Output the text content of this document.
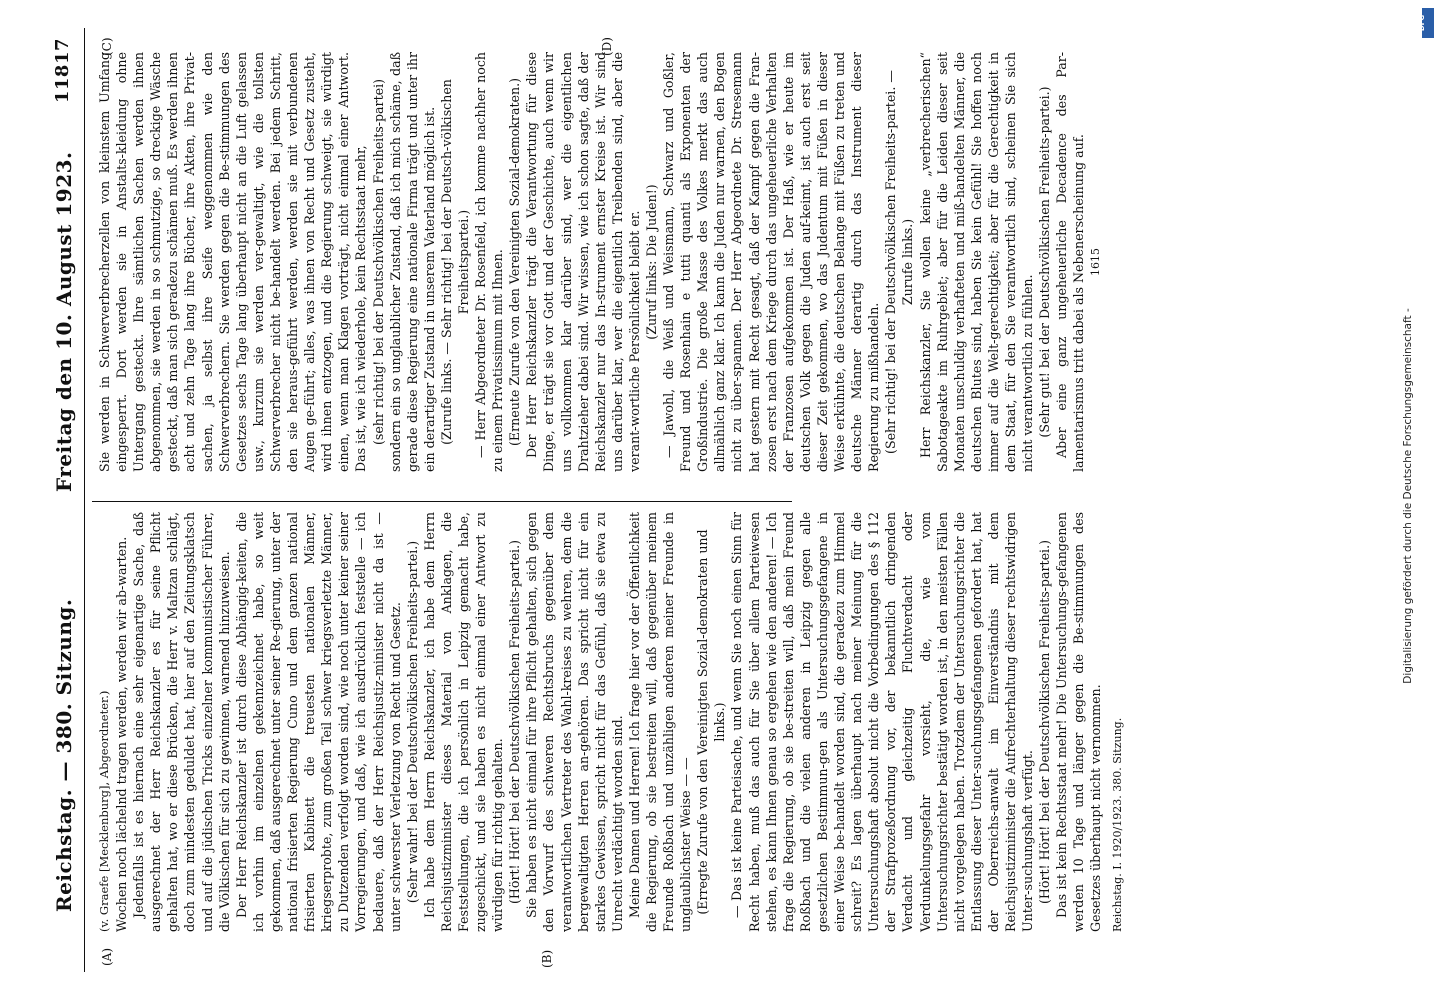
Reichstag. — 380. Sitzung.
Freitag den 10. August 1923.
11817
(A)	(B)
(C)	(D)

(v. Graefe [Mecklenburg], Abgeordneter.) Wochen noch lächelnd tragen werden, werden wir ab-warten. Jedenfalls ist es hiernach eine sehr eigenartige Sache, daß ausgerechnet der Herr Reichskanzler es für seine Pflicht gehalten hat, wo er diese Brücken, die Herr v. Maltzan schlägt, doch zum mindesten geduldet hat, hier auf den Zeitungsklatsch und auf die jüdischen Tricks einzelner kommunistischer Führer, die Völkischen für sich zu gewinnen, warnend hinzuweisen. Der Herr Reichskanzler ist durch diese Abhängig-keiten, die ich vorhin im einzelnen gekennzeichnet habe, so weit gekommen, daß ausgerechnet unter seiner Re-gierung, unter der national frisierten Regierung Cuno und dem ganzen national frisierten Kabinett die treuesten nationalen Männer, kriegserprobte, zum großen Teil schwer kriegsverletzte Männer, zu Dutzenden verfolgt worden sind, wie noch unter keiner seiner Vorregierungen, und daß, wie ich ausdrücklich feststelle — ich bedauere, daß der Herr Reichsjustiz-minister nicht da ist — unter schwerster Verletzung von Recht und Gesetz. (Sehr wahr! bei der Deutschvölkischen Freiheits-partei.) Ich habe dem Herrn Reichskanzler, ich habe dem Herrn Reichsjustizminister dieses Material von Anklagen, die Feststellungen, die ich persönlich in Leipzig gemacht habe, zugeschickt, und sie haben es nicht einmal einer Antwort zu würdigen für richtig gehalten. (Hört! Hört! bei der Deutschvölkischen Freiheits-partei.) Sie haben es nicht einmal für ihre Pflicht gehalten, sich gegen den Vorwurf des schweren Rechtsbruchs gegenüber dem verantwortlichen Vertreter des Wahl-kreises zu wehren, dem die bergewaltigten Herren an-gehören. Das spricht nicht für ein starkes Gewissen, spricht nicht für das Gefühl, daß sie etwa zu Unrecht verdächtigt worden sind. Meine Damen und Herren! Ich frage hier vor der Öffentlichkeit die Regierung, ob sie bestreiten will, daß gegenüber meinem Freunde Roßbach und unzähligen anderen meiner Freunde in unglaublichster Weise — — (Erregte Zurufe von den Vereinigten Sozial-demokraten und links.) — Das ist keine Parteisache, und wenn Sie noch einen Sinn für Recht haben, muß das auch für Sie über allem Parteiwesen stehen, es kann Ihnen genau so ergehen wie den anderen! — Ich frage die Regierung, ob sie be-streiten will, daß mein Freund Roßbach und die vielen anderen in Leipzig gegen alle gesetzlichen Bestimmun-gen als Untersuchungsgefangene in einer Weise be-handelt worden sind, die geradezu zum Himmel schreit? Es lagen überhaupt nach meiner Meinung für die Untersuchungshaft absolut nicht die Vorbedingungen des § 112 der Strafprozeßordnung vor, der bekanntlich dringenden Verdacht und gleichzeitig Fluchtverdacht oder Verdunkelungsgefahr vorsieht, die, wie vom Untersuchungsrichter bestätigt worden ist, in den meisten Fällen nicht vorgelegen haben. Trotzdem der Untersuchungsrichter die Entlassung dieser Unter-suchungsgefangenen gefordert hat, hat der Oberreichs-anwalt im Einverständnis mit dem Reichsjustizminister die Aufrechterhaltung dieser rechtswidrigen Unter-suchungshaft verfügt. (Hört! Hört! bei der Deutschvölkischen Freiheits-partei.) Das ist kein Rechtsstaat mehr! Die Untersuchungs-gefangenen werden 10 Tage und länger gegen die Be-stimmungen des Gesetzes überhaupt nicht vernommen. Reichstag. I. 1920/1923. 380. Sitzung.

Sie werden in Schwerverbrecherzellen von kleinstem Umfang eingesperrt. Dort werden sie in Anstalts-kleidung ohne Untergang gesteckt. Ihre sämtlichen Sachen werden ihnen abgenommen, sie werden in so schmutzige, so dreckige Wäsche gesteckt, daß man sich geradezu schämen muß. Es werden ihnen acht und zehn Tage lang ihre Bücher, ihre Akten, ihre Privat-sachen, ja selbst ihre Seife weggenommen wie den Schwerverbrechern. Sie werden gegen die Be-stimmungen des Gesetzes sechs Tage lang überhaupt nicht an die Luft gelassen usw., kurzum sie werden ver-gewaltigt, wie die tollsten Schwerverbrecher nicht be-handelt werden. Bei jedem Schritt, den sie heraus-geführt werden, werden sie mit verbundenen Augen ge-führt; alles, was ihnen von Recht und Gesetz zusteht, wird ihnen entzogen, und die Regierung schweigt, sie würdigt einen, wenn man Klagen vorträgt, nicht einmal einer Antwort. Das ist, wie ich wiederhole, kein Rechtsstaat mehr, (sehr richtig! bei der Deutschvölkischen Freiheits-partei) sondern ein so unglaublicher Zustand, daß ich mich schäme, daß gerade diese Regierung eine nationale Firma trägt und unter ihr ein derartiger Zustand in unserem Vaterland möglich ist. (Zurufe links. — Sehr richtig! bei der Deutsch-völkischen Freiheitspartei.) — Herr Abgeordneter Dr. Rosenfeld, ich komme nachher noch zu einem Privatissimum mit Ihnen. (Erneute Zurufe von den Vereinigten Sozial-demokraten.) Der Herr Reichskanzler trägt die Verantwortung für diese Dinge, er trägt sie vor Gott und der Geschichte, auch wenn wir uns vollkommen klar darüber sind, wer die eigentlichen Drahtzieher dabei sind. Wir wissen, wie ich schon sagte, daß der Reichskanzler nur das In-strument ernster Kreise ist. Wir sind uns darüber klar, wer die eigentlich Treibenden sind, aber die verant-wortliche Persönlichkeit bleibt er. (Zuruf links: Die Juden!) — Jawohl, die Weiß und Weismann, Schwarz und Goßler, Freund und Rosenhain e tutti quanti als Exponenten der Großindustrie. Die große Masse des Volkes merkt das auch allmählich ganz klar. Ich kann die Juden nur warnen, den Bogen nicht zu über-spannen. Der Herr Abgeordnete Dr. Stresemann hat gestern mit Recht gesagt, daß der Kampf gegen die Fran-zosen erst nach dem Kriege durch das ungeheuerliche Verhalten der Franzosen aufgekommen ist. Der Haß, wie er heute im deutschen Volk gegen die Juden auf-keimt, ist auch erst seit dieser Zeit gekommen, wo das Judentum mit Füßen in dieser Weise erkühnte, die deutschen Belange mit Füßen zu treten und deutsche Männer derartig durch das Instrument dieser Regierung zu mißhandeln. (Sehr richtig! bei der Deutschvölkischen Freiheits-partei. — Zurufe links.) Herr Reichskanzler, Sie wollen keine „verbrecherischen“ Sabotageakte im Ruhrgebiet; aber für die Leiden dieser seit Monaten unschuldig verhafteten und miß-handelten Männer, die deutschen Blutes sind, haben Sie kein Gefühl! Sie hoffen noch immer auf die Welt-gerechtigkeit; aber für die Gerechtigkeit in dem Staat, für den Sie verantwortlich sind, scheinen Sie sich nicht verantwortlich zu fühlen. (Sehr gut! bei der Deutschvölkischen Freiheits-partei.) Aber eine ganz ungeheuerliche Decadence des Par-lamentarismus tritt dabei als Nebenerscheinung auf. 1615

Digitalisierung gefördert durch die Deutsche Forschungsgemeinschaft -
DFG
